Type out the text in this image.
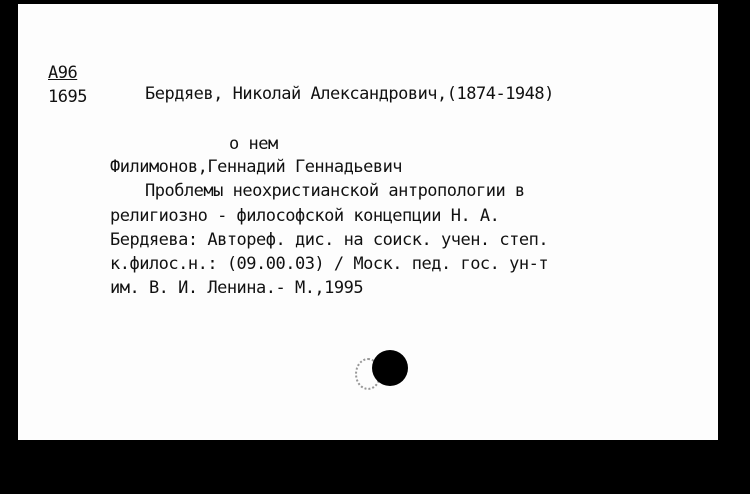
А96
1695	Бердяев, Николай Александрович,(1874-1948)
о нем
Филимонов,Геннадий Геннадьевич
Проблемы неохристианской антропологии в
религиозно - философской концепции Н. А.
Бердяева: Автореф. дис. на соиск. учен. степ.
к.филос.н.: (09.00.03) / Моск. пед. гос. ун-т
им. В. И. Ленина.- М.,1995
